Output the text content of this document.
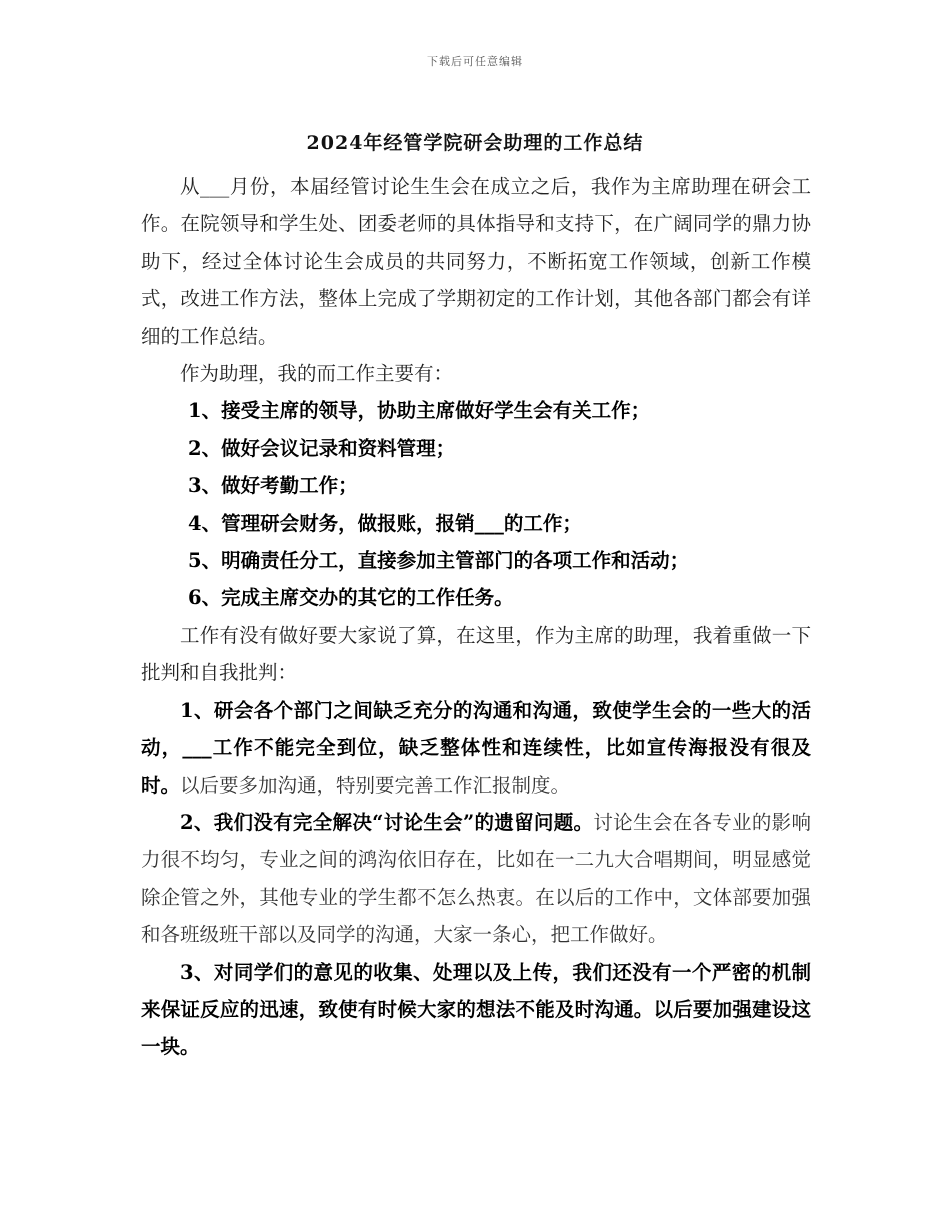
下载后可任意编辑
2024年经管学院研会助理的工作总结

从___月份，本届经管讨论生生会在成立之后，我作为主席助理在研会工作。在院领导和学生处、团委老师的具体指导和支持下，在广阔同学的鼎力协助下，经过全体讨论生会成员的共同努力，不断拓宽工作领域，创新工作模式，改进工作方法，整体上完成了学期初定的工作计划，其他各部门都会有详细的工作总结。

作为助理，我的而工作主要有：

1、接受主席的领导，协助主席做好学生会有关工作；

2、做好会议记录和资料管理；

3、做好考勤工作；

4、管理研会财务，做报账，报销___的工作；

5、明确责任分工，直接参加主管部门的各项工作和活动；

6、完成主席交办的其它的工作任务。

工作有没有做好要大家说了算，在这里，作为主席的助理，我着重做一下批判和自我批判：

1、研会各个部门之间缺乏充分的沟通和沟通，致使学生会的一些大的活动，___工作不能完全到位，缺乏整体性和连续性，比如宣传海报没有很及时。以后要多加沟通，特别要完善工作汇报制度。

2、我们没有完全解决“讨论生会”的遗留问题。讨论生会在各专业的影响力很不均匀，专业之间的鸿沟依旧存在，比如在一二九大合唱期间，明显感觉除企管之外，其他专业的学生都不怎么热衷。在以后的工作中，文体部要加强和各班级班干部以及同学的沟通，大家一条心，把工作做好。

3、对同学们的意见的收集、处理以及上传，我们还没有一个严密的机制来保证反应的迅速，致使有时候大家的想法不能及时沟通。以后要加强建设这一块。
